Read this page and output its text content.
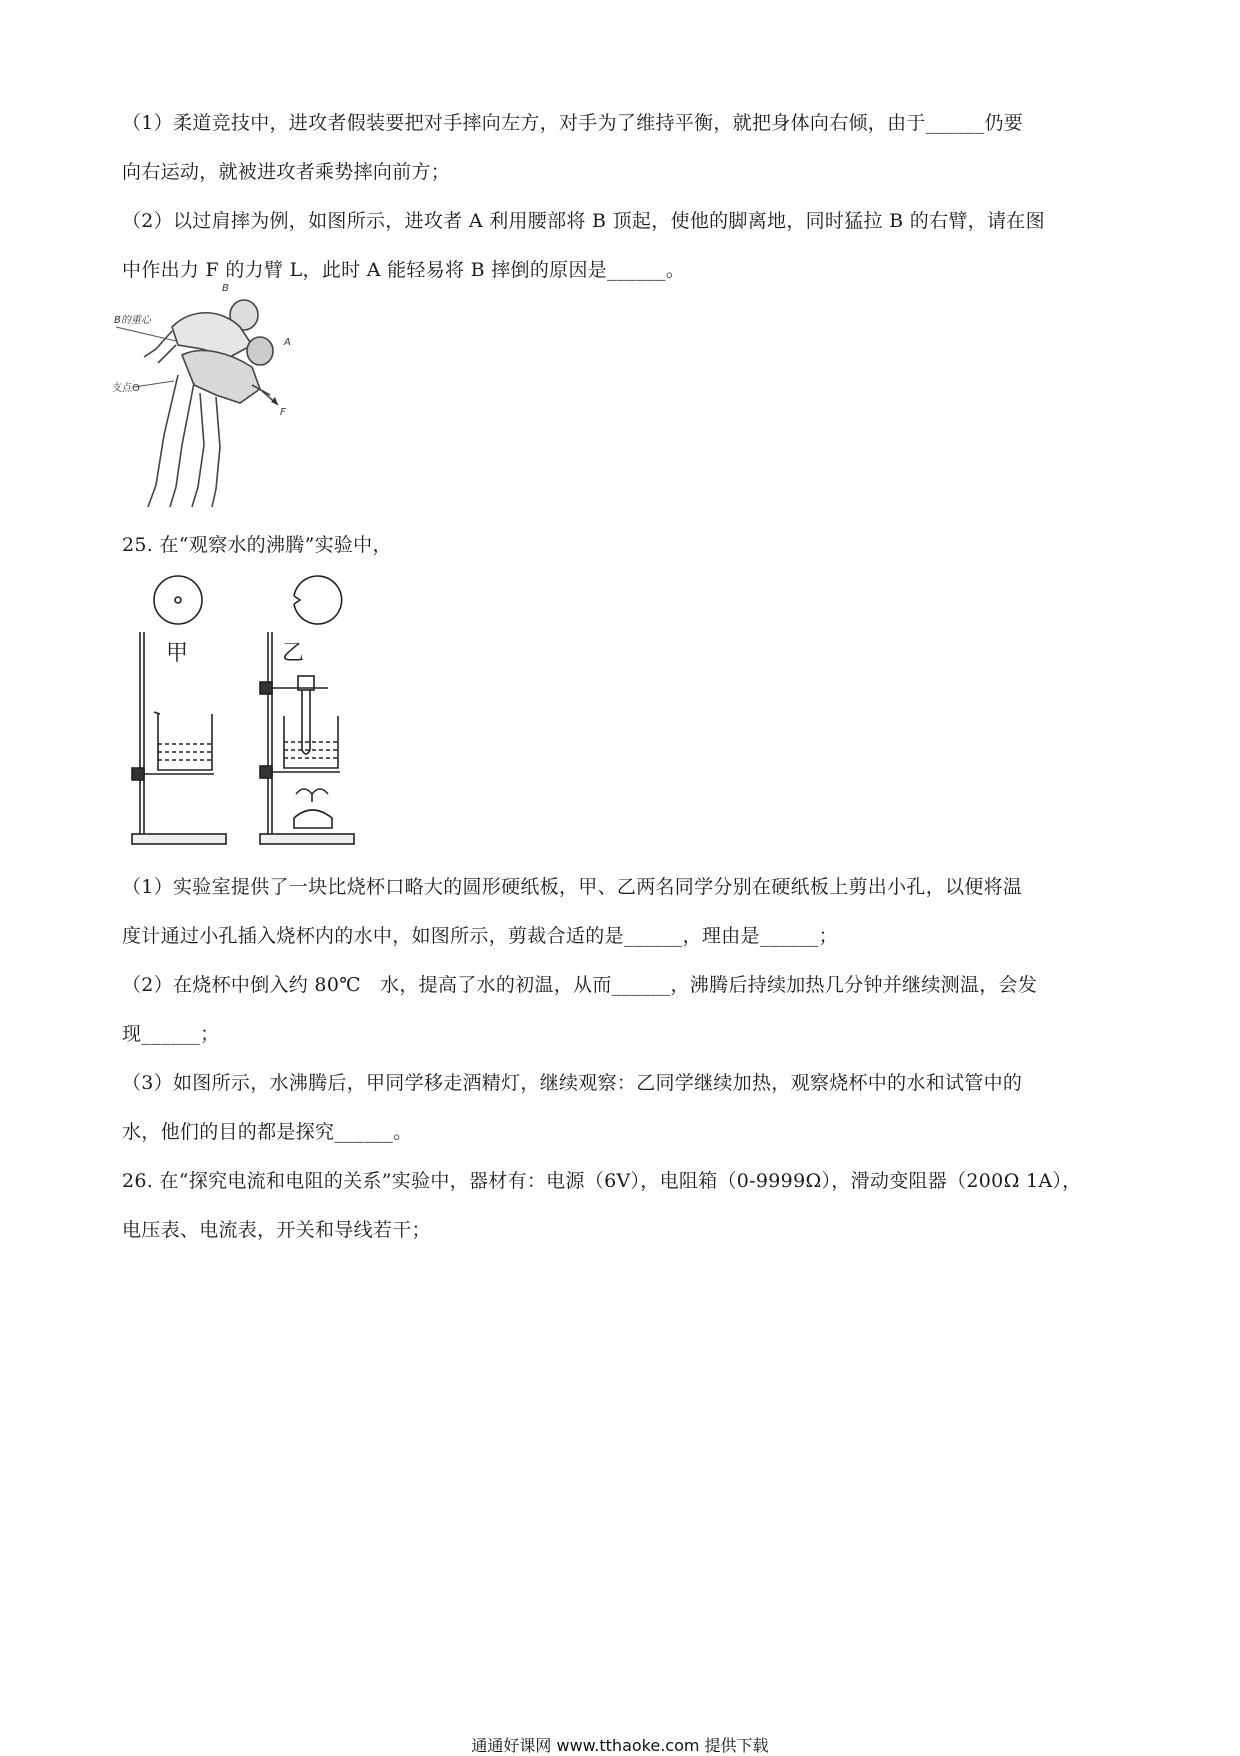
（1）柔道竞技中，进攻者假装要把对手摔向左方，对手为了维持平衡，就把身体向右倾，由于______仍要
向右运动，就被进攻者乘势摔向前方；
（2）以过肩摔为例，如图所示，进攻者 A 利用腰部将 B 顶起，使他的脚离地，同时猛拉 B 的右臂，请在图
中作出力 F 的力臂 L，此时 A 能轻易将 B 摔倒的原因是______。
B的重心
B
A
支点O
F
25. 在“观察水的沸腾”实验中，
甲	乙
（1）实验室提供了一块比烧杯口略大的圆形硬纸板，甲、乙两名同学分别在硬纸板上剪出小孔，以便将温
度计通过小孔插入烧杯内的水中，如图所示，剪裁合适的是______，理由是______；
（2）在烧杯中倒入约 80℃　水，提高了水的初温，从而______，沸腾后持续加热几分钟并继续测温，会发
现______；
（3）如图所示，水沸腾后，甲同学移走酒精灯，继续观察：乙同学继续加热，观察烧杯中的水和试管中的
水，他们的目的都是探究______。
26. 在“探究电流和电阻的关系”实验中，器材有：电源（6V），电阻箱（0-9999Ω），滑动变阻器（200Ω 1A），
电压表、电流表，开关和导线若干；
通通好课网 www.tthaoke.com 提供下载
